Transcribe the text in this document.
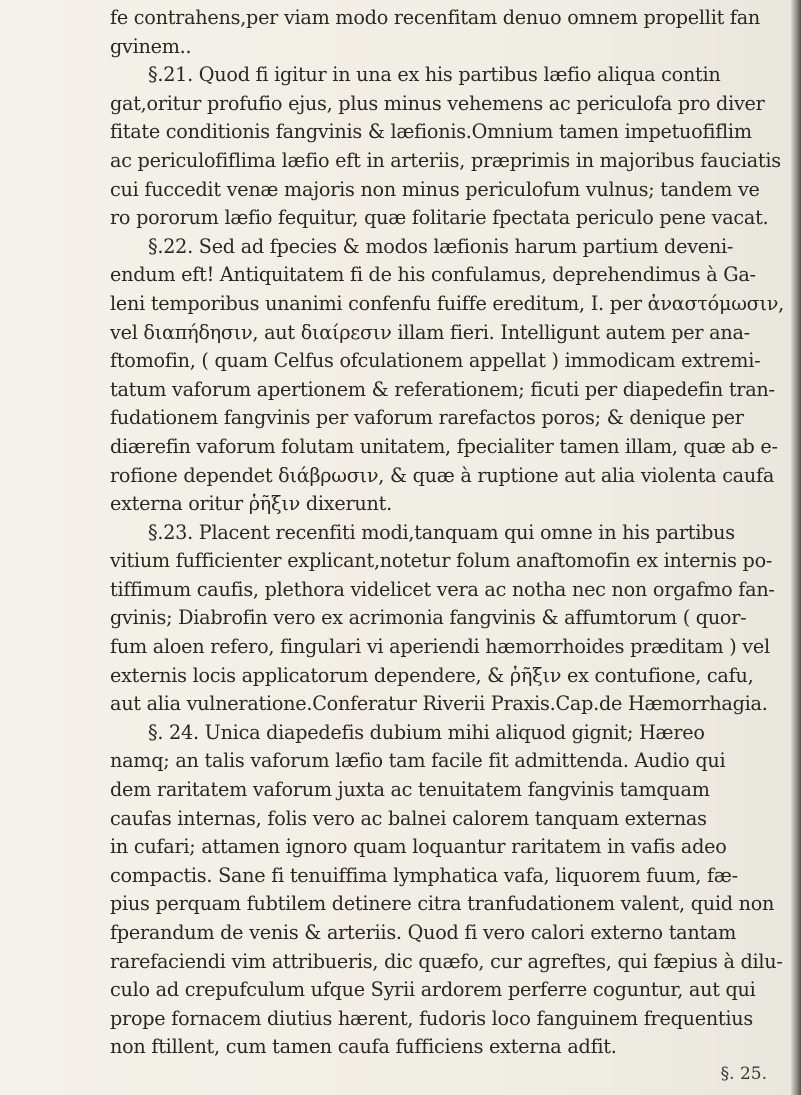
fe contrahens,per viam modo recenfitam denuo omnem propellit fan
gvinem..
§.21. Quod fi igitur in una ex his partibus læfio aliqua contin
gat,oritur profufio ejus, plus minus vehemens ac periculofa pro diver
fitate conditionis fangvinis & læfionis.Omnium tamen impetuofiflim
ac periculofiflima læfio eft in arteriis, præprimis in majoribus fauciatis
cui fuccedit venæ majoris non minus periculofum vulnus; tandem ve
ro pororum læfio fequitur, quæ folitarie fpectata periculo pene vacat.
§.22. Sed ad fpecies & modos læfionis harum partium deveni-
endum eft! Antiquitatem fi de his confulamus, deprehendimus à Ga-
leni temporibus unanimi confenfu fuiffe ereditum, I. per ἀναστόμωσιν,
vel διαπήδησιν, aut διαίρεσιν illam fieri. Intelligunt autem per ana-
ftomofin, ( quam Celfus ofculationem appellat ) immodicam extremi-
tatum vaforum apertionem & referationem; ficuti per diapedefin tran-
fudationem fangvinis per vaforum rarefactos poros; & denique per
diærefin vaforum folutam unitatem, fpecialiter tamen illam, quæ ab e-
rofione dependet διάβρωσιν, & quæ à ruptione aut alia violenta caufa
externa oritur ῥῆξιν dixerunt.
§.23. Placent recenfiti modi,tanquam qui omne in his partibus
vitium fufficienter explicant,notetur folum anaftomofin ex internis po-
tiffimum caufis, plethora videlicet vera ac notha nec non orgafmo fan-
gvinis; Diabrofin vero ex acrimonia fangvinis & affumtorum ( quor-
fum aloen refero, fingulari vi aperiendi hæmorrhoides præditam ) vel
externis locis applicatorum dependere, & ῥῆξιν ex contufione, cafu,
aut alia vulneratione.Conferatur Riverii Praxis.Cap.de Hæmorrhagia.
§. 24. Unica diapedefis dubium mihi aliquod gignit; Hæreo
namq; an talis vaforum læfio tam facile fit admittenda. Audio qui
dem raritatem vaforum juxta ac tenuitatem fangvinis tamquam
caufas internas, folis vero ac balnei calorem tanquam externas
in cufari; attamen ignoro quam loquantur raritatem in vafis adeo
compactis. Sane fi tenuiffima lymphatica vafa, liquorem fuum, fæ-
pius perquam fubtilem detinere citra tranfudationem valent, quid non
fperandum de venis & arteriis. Quod fi vero calori externo tantam
rarefaciendi vim attribueris, dic quæfo, cur agreftes, qui fæpius à dilu-
culo ad crepufculum ufque Syrii ardorem perferre coguntur, aut qui
prope fornacem diutius hærent, fudoris loco fanguinem frequentius
non ftillent, cum tamen caufa fufficiens externa adfit.
§. 25.
